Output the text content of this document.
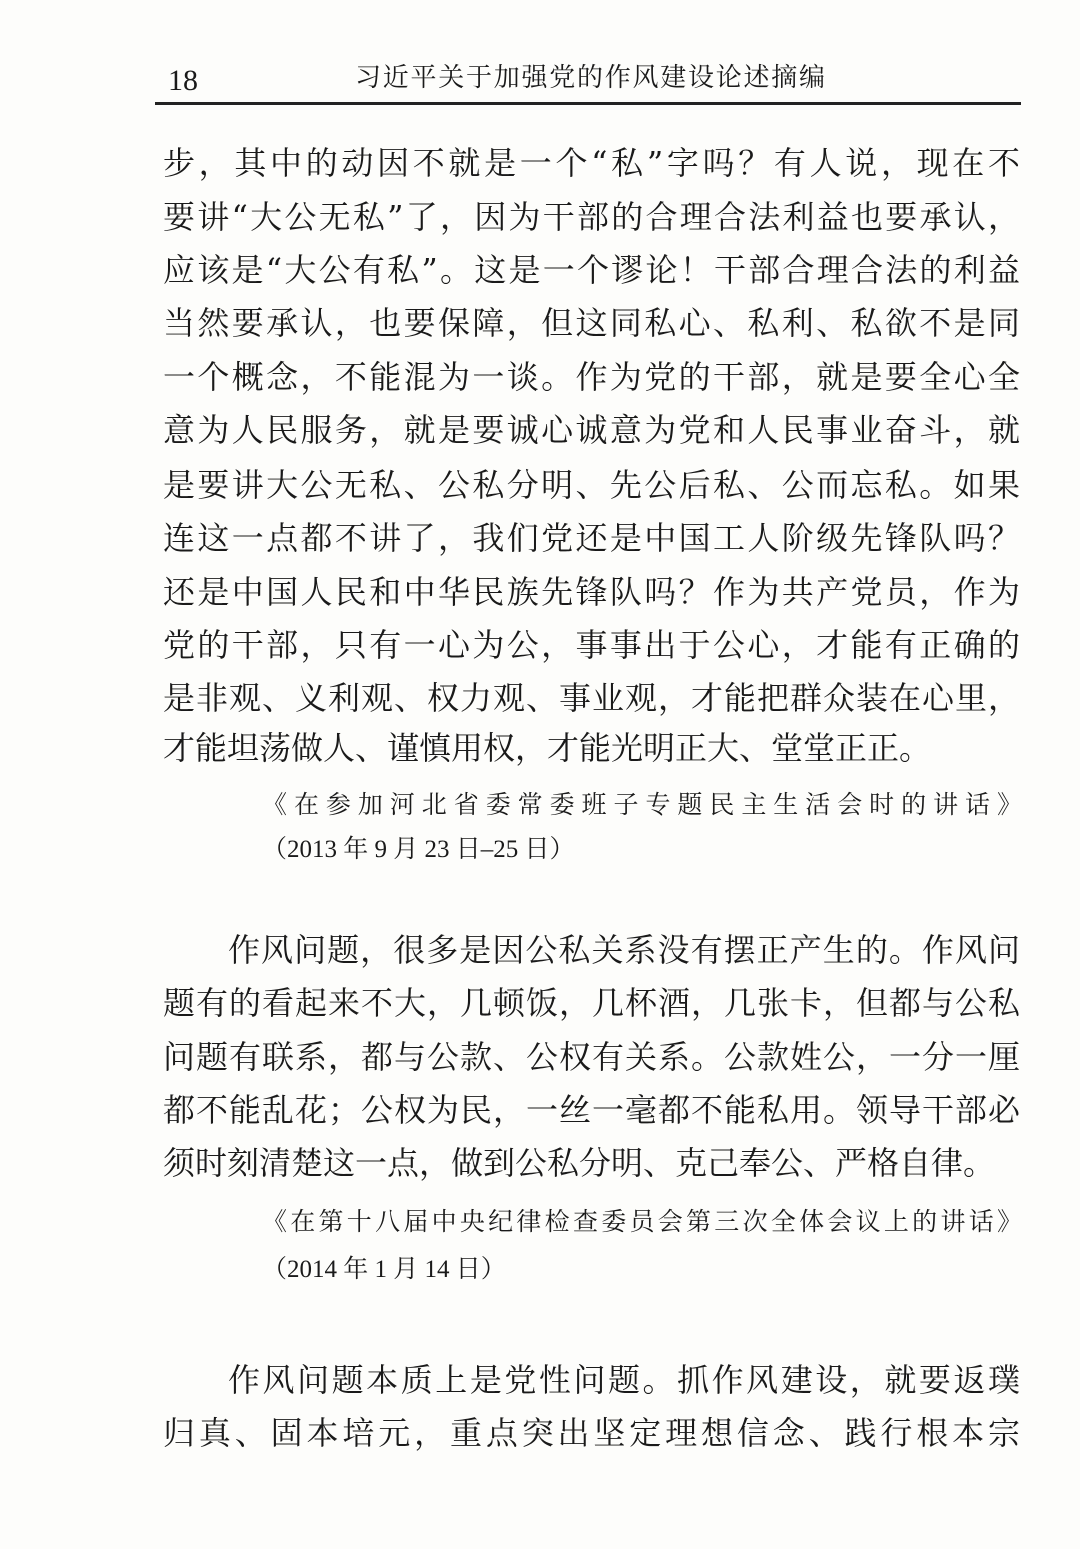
18	习近平关于加强党的作风建设论述摘编
步，其中的动因不就是一个“私”字吗？有人说，现在不
要讲“大公无私”了，因为干部的合理合法利益也要承认，
应该是“大公有私”。这是一个谬论！干部合理合法的利益
当然要承认，也要保障，但这同私心、私利、私欲不是同
一个概念，不能混为一谈。作为党的干部，就是要全心全
意为人民服务，就是要诚心诚意为党和人民事业奋斗，就
是要讲大公无私、公私分明、先公后私、公而忘私。如果
连这一点都不讲了，我们党还是中国工人阶级先锋队吗？
还是中国人民和中华民族先锋队吗？作为共产党员，作为
党的干部，只有一心为公，事事出于公心，才能有正确的
是非观、义利观、权力观、事业观，才能把群众装在心里，
才能坦荡做人、谨慎用权，才能光明正大、堂堂正正。
《在参加河北省委常委班子专题民主生活会时的讲话》
（2013 年 9 月 23 日–25 日）
作风问题，很多是因公私关系没有摆正产生的。作风问
题有的看起来不大，几顿饭，几杯酒，几张卡，但都与公私
问题有联系，都与公款、公权有关系。公款姓公，一分一厘
都不能乱花；公权为民，一丝一毫都不能私用。领导干部必
须时刻清楚这一点，做到公私分明、克己奉公、严格自律。
《在第十八届中央纪律检查委员会第三次全体会议上的讲话》
（2014 年 1 月 14 日）
作风问题本质上是党性问题。抓作风建设，就要返璞
归真、固本培元，重点突出坚定理想信念、践行根本宗
